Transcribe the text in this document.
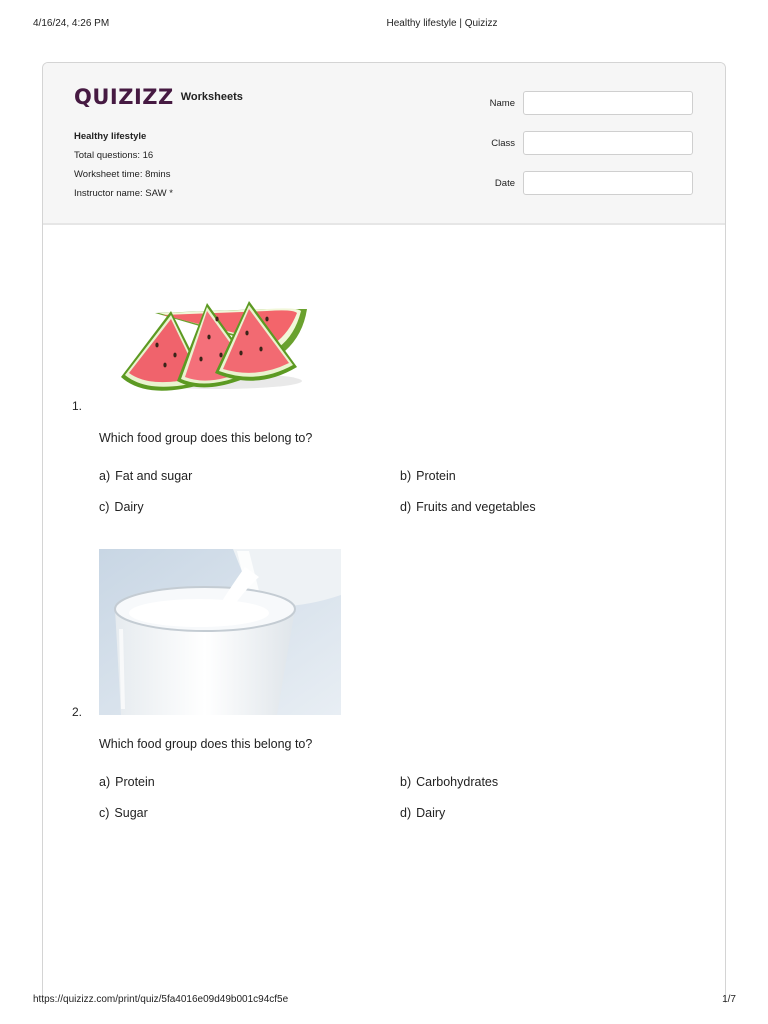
4/16/24, 4:26 PM	Healthy lifestyle | Quizizz
QUIZIZZ Worksheets
Healthy lifestyle
Total questions: 16
Worksheet time: 8mins
Instructor name: SAW *
Name
Class
Date
1.
Which food group does this belong to?
a) Fat and sugar	b) Protein
c) Dairy	d) Fruits and vegetables
2.
Which food group does this belong to?
a) Protein	b) Carbohydrates
c) Sugar	d) Dairy
https://quizizz.com/print/quiz/5fa4016e09d49b001c94cf5e	1/7
